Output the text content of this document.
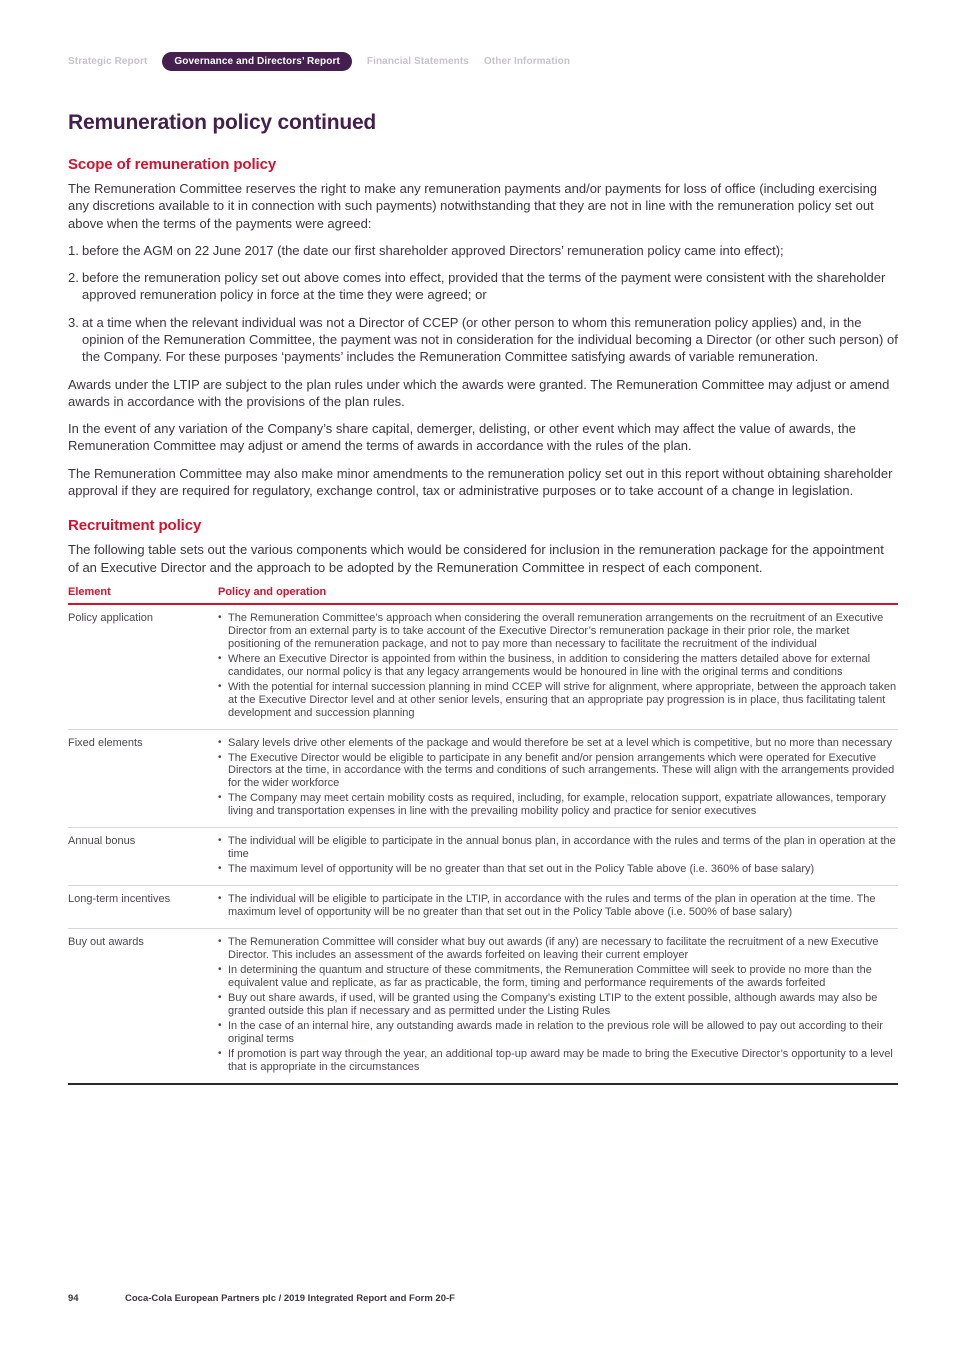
Strategic Report	Governance and Directors’ Report	Financial Statements Other Information
Remuneration policy continued
Scope of remuneration policy

The Remuneration Committee reserves the right to make any remuneration payments and/or payments for loss of office (including exercising any discretions available to it in connection with such payments) notwithstanding that they are not in line with the remuneration policy set out above when the terms of the payments were agreed:

before the AGM on 22 June 2017 (the date our first shareholder approved Directors’ remuneration policy came into effect);
before the remuneration policy set out above comes into effect, provided that the terms of the payment were consistent with the shareholder approved remuneration policy in force at the time they were agreed; or
at a time when the relevant individual was not a Director of CCEP (or other person to whom this remuneration policy applies) and, in the opinion of the Remuneration Committee, the payment was not in consideration for the individual becoming a Director (or other such person) of the Company. For these purposes ‘payments’ includes the Remuneration Committee satisfying awards of variable remuneration.

Awards under the LTIP are subject to the plan rules under which the awards were granted. The Remuneration Committee may adjust or amend awards in accordance with the provisions of the plan rules.

In the event of any variation of the Company’s share capital, demerger, delisting, or other event which may affect the value of awards, the Remuneration Committee may adjust or amend the terms of awards in accordance with the rules of the plan.

The Remuneration Committee may also make minor amendments to the remuneration policy set out in this report without obtaining shareholder approval if they are required for regulatory, exchange control, tax or administrative purposes or to take account of a change in legislation.

Recruitment policy

The following table sets out the various components which would be considered for inclusion in the remuneration package for the appointment of an Executive Director and the approach to be adopted by the Remuneration Committee in respect of each component.

Element	Policy and operation
Policy application	
•The Remuneration Committee’s approach when considering the overall remuneration arrangements on the recruitment of an Executive Director from an external party is to take account of the Executive Director’s remuneration package in their prior role, the market positioning of the remuneration package, and not to pay more than necessary to facilitate the recruitment of the individual
• Where an Executive Director is appointed from within the business, in addition to considering the matters detailed above for external candidates, our normal policy is that any legacy arrangements would be honoured in line with the original terms and conditions
• With the potential for internal succession planning in mind CCEP will strive for alignment, where appropriate, between the approach taken at the Executive Director level and at other senior levels, ensuring that an appropriate pay progression is in place, thus facilitating talent development and succession planning

Fixed elements	
•Salary levels drive other elements of the package and would therefore be set at a level which is competitive, but no more than necessary
• The Executive Director would be eligible to participate in any benefit and/or pension arrangements which were operated for Executive Directors at the time, in accordance with the terms and conditions of such arrangements. These will align with the arrangements provided for the wider workforce
• The Company may meet certain mobility costs as required, including, for example, relocation support, expatriate allowances, temporary living and transportation expenses in line with the prevailing mobility policy and practice for senior executives

Annual bonus	
•The individual will be eligible to participate in the annual bonus plan, in accordance with the rules and terms of the plan in operation at the time
• The maximum level of opportunity will be no greater than that set out in the Policy Table above (i.e. 360% of base salary)

Long-term incentives	
•The individual will be eligible to participate in the LTIP, in accordance with the rules and terms of the plan in operation at the time. The maximum level of opportunity will be no greater than that set out in the Policy Table above (i.e. 500% of base salary)

Buy out awards	
•The Remuneration Committee will consider what buy out awards (if any) are necessary to facilitate the recruitment of a new Executive Director. This includes an assessment of the awards forfeited on leaving their current employer
• In determining the quantum and structure of these commitments, the Remuneration Committee will seek to provide no more than the equivalent value and replicate, as far as practicable, the form, timing and performance requirements of the awards forfeited
• Buy out share awards, if used, will be granted using the Company’s existing LTIP to the extent possible, although awards may also be granted outside this plan if necessary and as permitted under the Listing Rules
• In the case of an internal hire, any outstanding awards made in relation to the previous role will be allowed to pay out according to their original terms
• If promotion is part way through the year, an additional top-up award may be made to bring the Executive Director’s opportunity to a level that is appropriate in the circumstances
94	Coca-Cola European Partners plc / 2019 Integrated Report and Form 20-F
